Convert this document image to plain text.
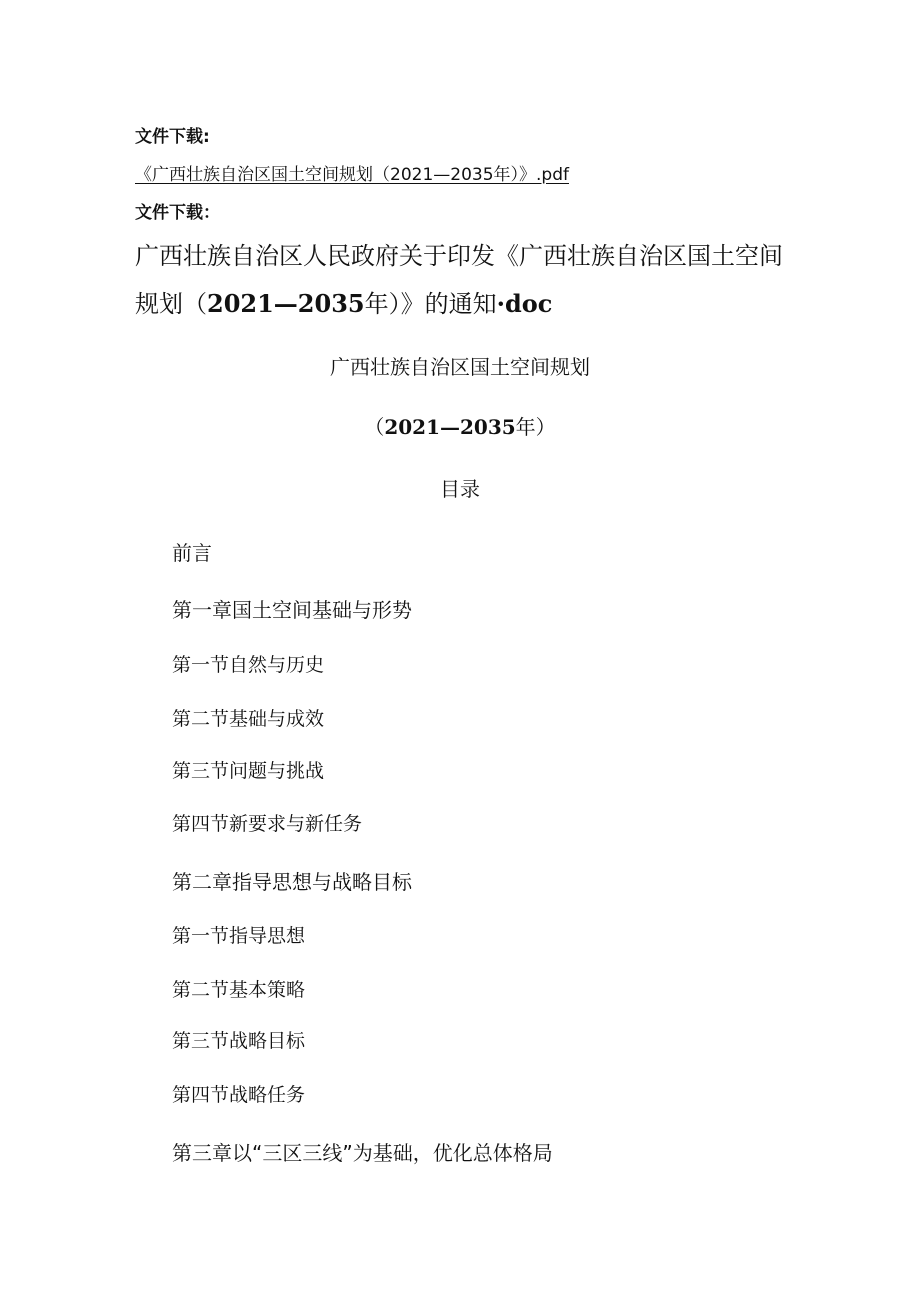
文件下载:
《广西壮族自治区国土空间规划（2021—2035年）》.pdf
文件下载：
广西壮族自治区人民政府关于印发《广西壮族自治区国土空间
规划（2021—2035年）》的通知·doc
广西壮族自治区国土空间规划
（2021—2035年）
目录
前言
第一章国土空间基础与形势
第一节自然与历史
第二节基础与成效
第三节问题与挑战
第四节新要求与新任务
第二章指导思想与战略目标
第一节指导思想
第二节基本策略
第三节战略目标
第四节战略任务
第三章以“三区三线”为基础，优化总体格局
